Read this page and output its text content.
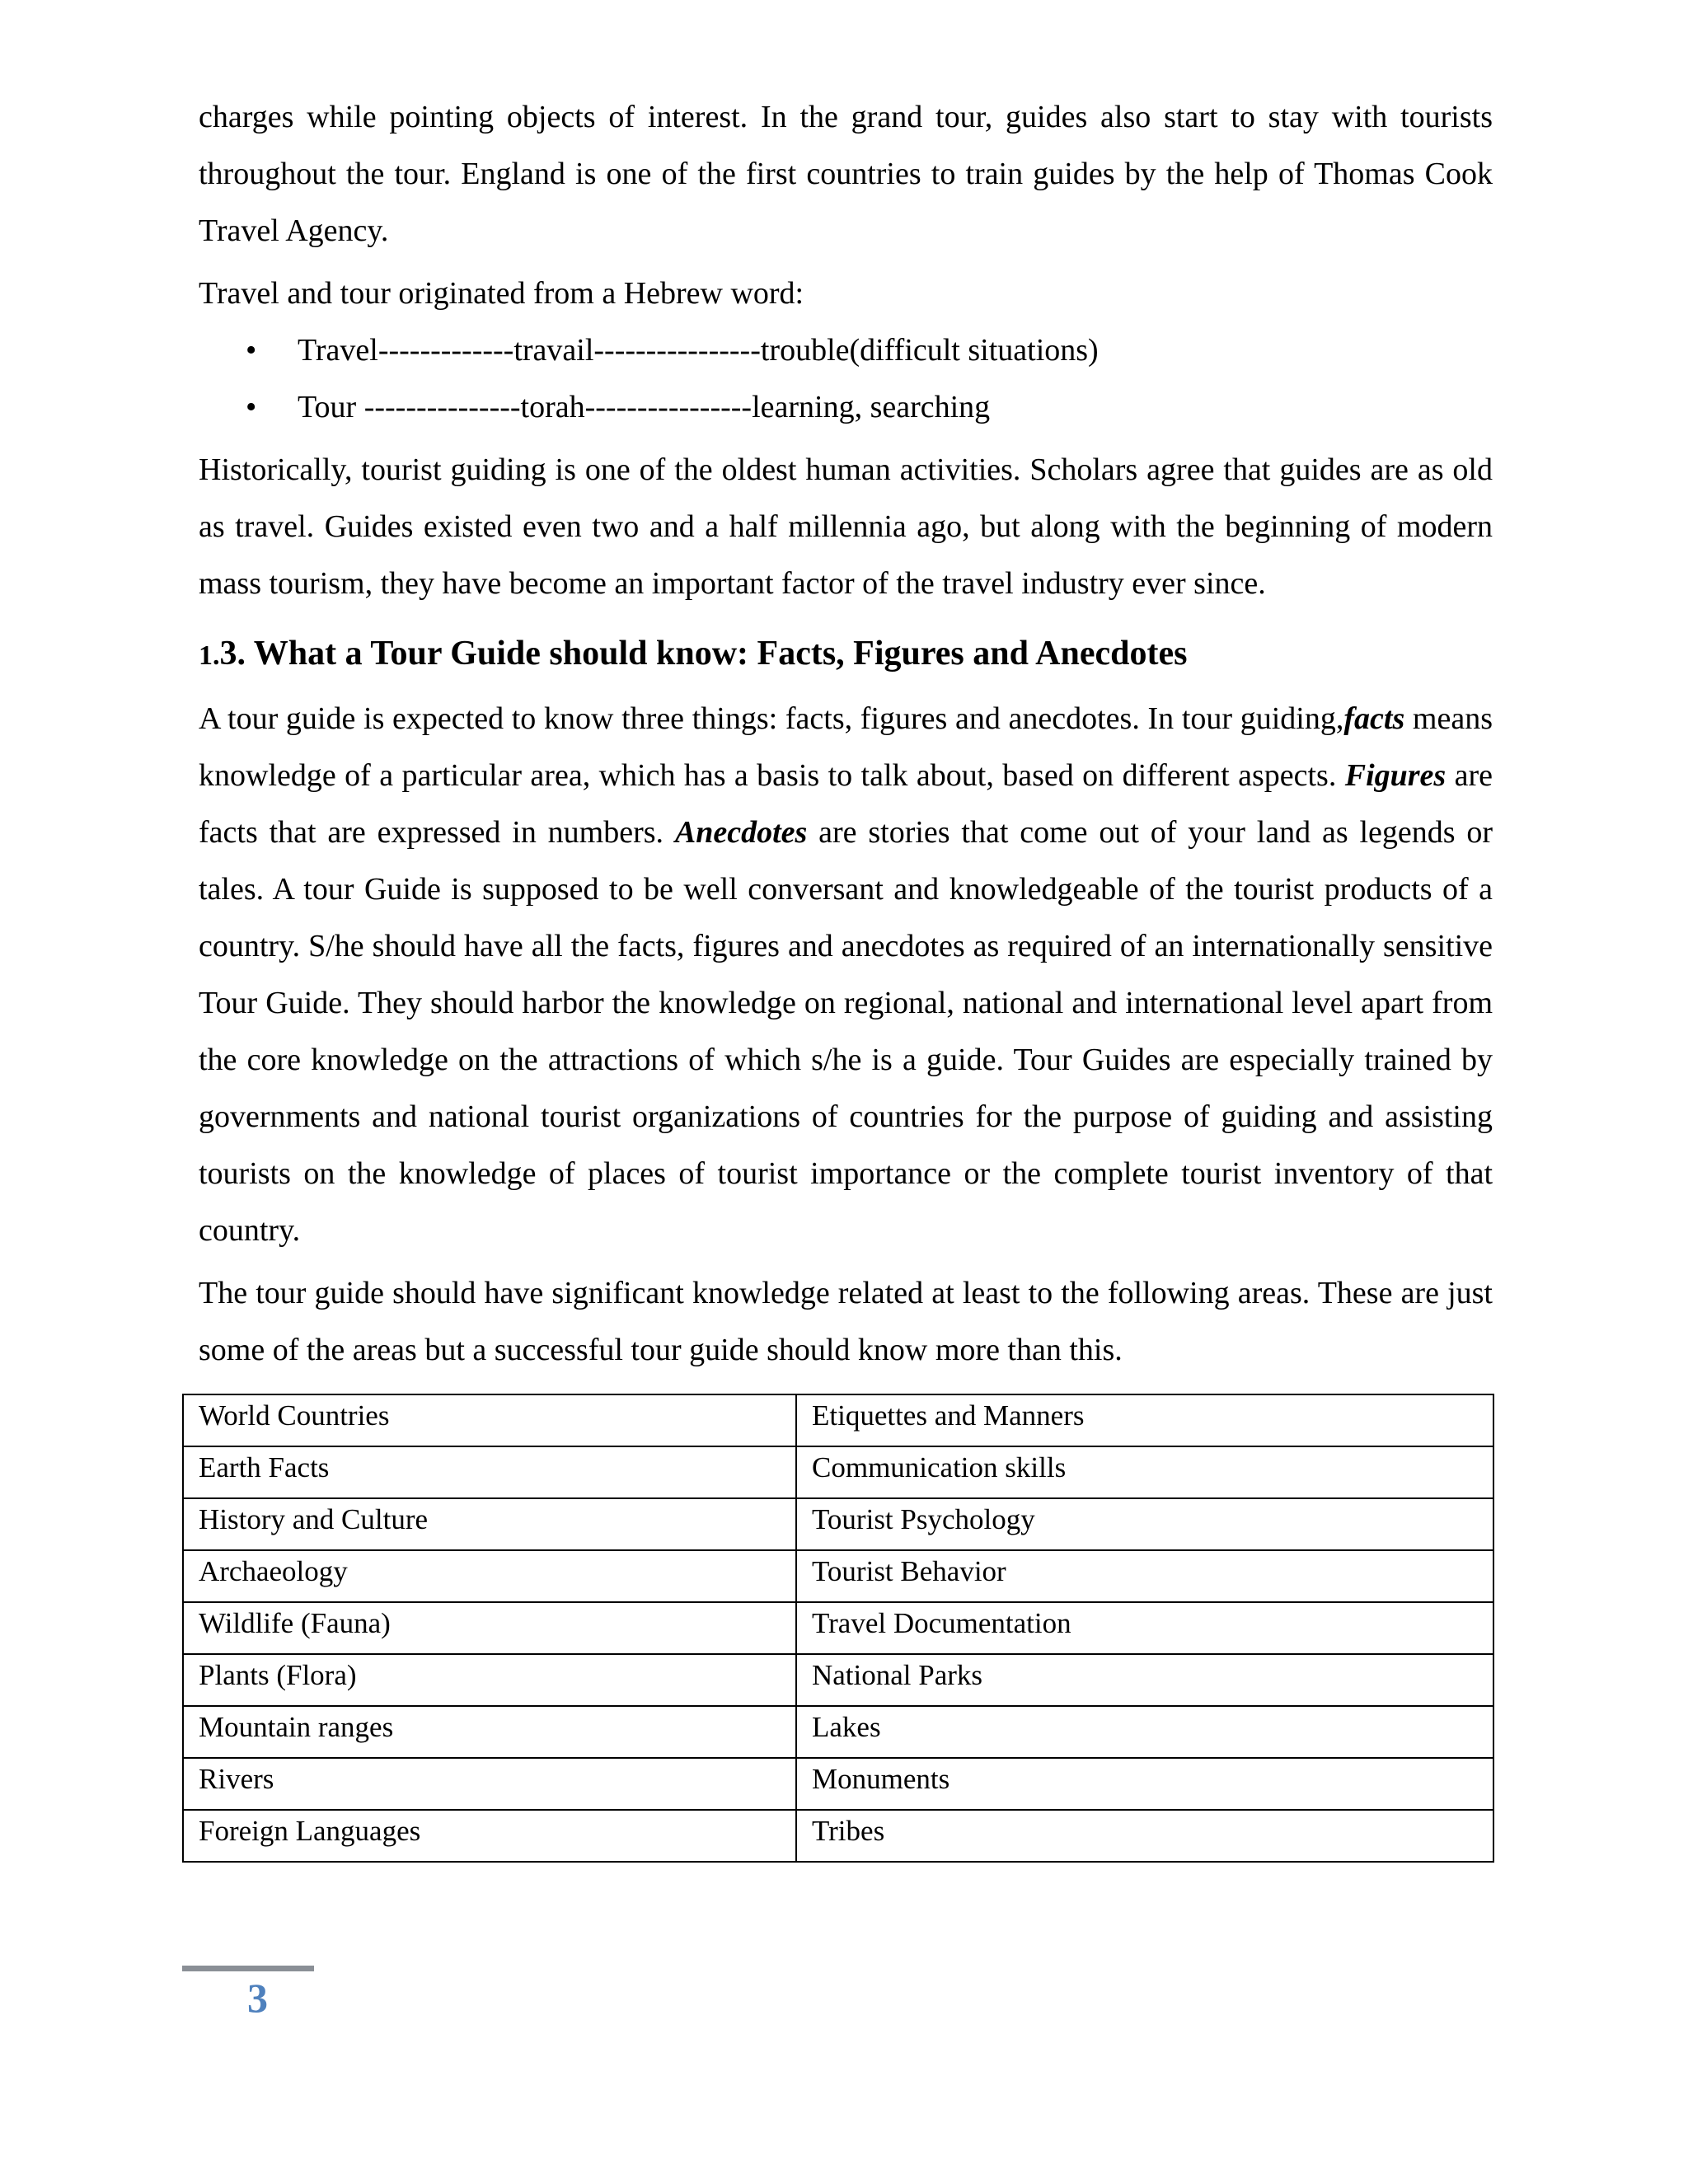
charges while pointing objects of interest. In the grand tour, guides also start to stay with tourists throughout the tour. England is one of the first countries to train guides by the help of Thomas Cook Travel Agency.

Travel and tour originated from a Hebrew word:

• Travel-------------travail----------------trouble(difficult situations)
• Tour ---------------torah----------------learning, searching

Historically, tourist guiding is one of the oldest human activities. Scholars agree that guides are as old as travel. Guides existed even two and a half millennia ago, but along with the beginning of modern mass tourism, they have become an important factor of the travel industry ever since.

1.3. What a Tour Guide should know: Facts, Figures and Anecdotes

A tour guide is expected to know three things: facts, figures and anecdotes. In tour guiding,facts means knowledge of a particular area, which has a basis to talk about, based on different aspects. Figures are facts that are expressed in numbers. Anecdotes are stories that come out of your land as legends or tales. A tour Guide is supposed to be well conversant and knowledgeable of the tourist products of a country. S/he should have all the facts, figures and anecdotes as required of an internationally sensitive Tour Guide. They should harbor the knowledge on regional, national and international level apart from the core knowledge on the attractions of which s/he is a guide. Tour Guides are especially trained by governments and national tourist organizations of countries for the purpose of guiding and assisting tourists on the knowledge of places of tourist importance or the complete tourist inventory of that country.

The tour guide should have significant knowledge related at least to the following areas. These are just some of the areas but a successful tour guide should know more than this.

World Countries	Etiquettes and Manners
Earth Facts	Communication skills
History and Culture	Tourist Psychology
Archaeology	Tourist Behavior
Wildlife (Fauna)	Travel Documentation
Plants (Flora)	National Parks
Mountain ranges	Lakes
Rivers	Monuments
Foreign Languages	Tribes
3
